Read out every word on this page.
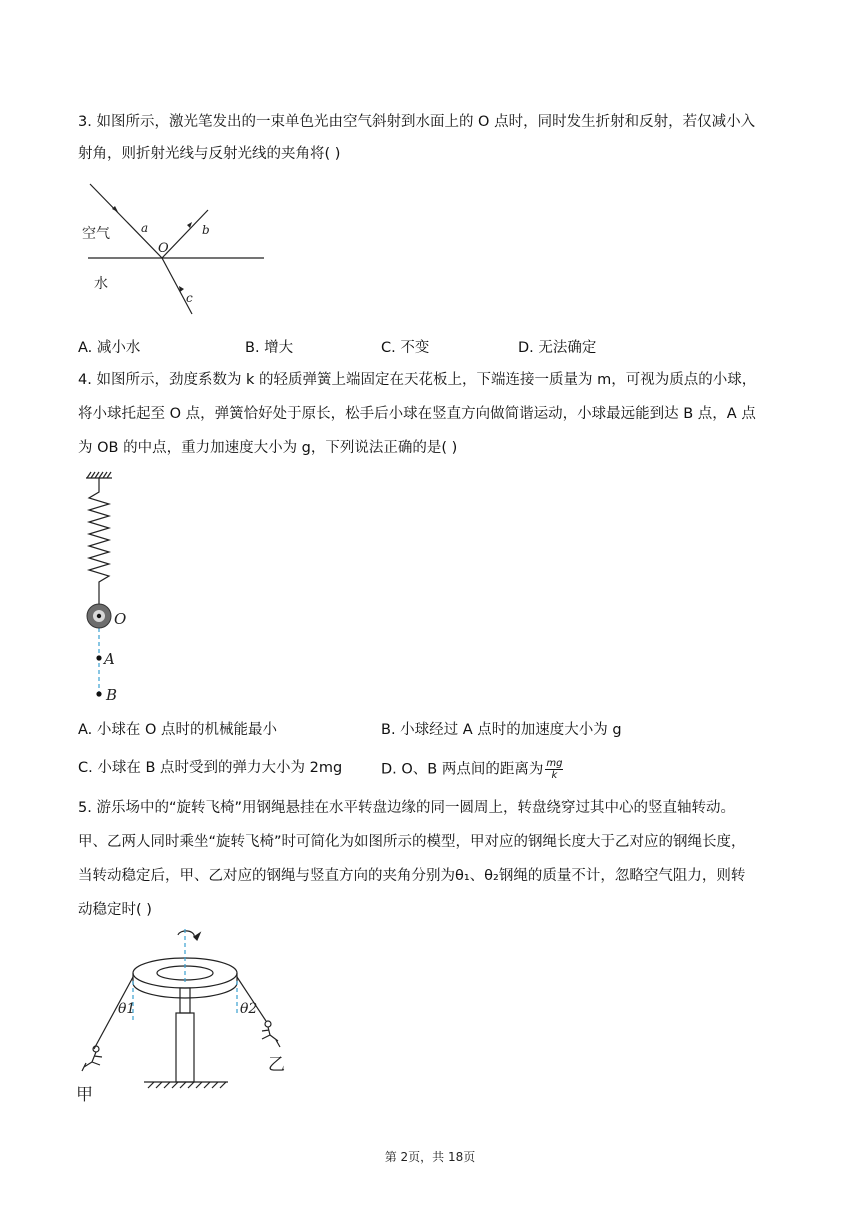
3. 如图所示，激光笔发出的一束单色光由空气斜射到水面上的 O 点时，同时发生折射和反射，若仅减小入
射角，则折射光线与反射光线的夹角将( )
空气
水
a	b
c
O
A. 减小水	B. 增大	C. 不变	D. 无法确定
4. 如图所示，劲度系数为 k 的轻质弹簧上端固定在天花板上，下端连接一质量为 m，可视为质点的小球，
将小球托起至 O 点，弹簧恰好处于原长，松手后小球在竖直方向做简谐运动，小球最远能到达 B 点，A 点
为 OB 的中点，重力加速度大小为 g，下列说法正确的是( )
O
A
B
A. 小球在 O 点时的机械能最小	B. 小球经过 A 点时的加速度大小为 g
C. 小球在 B 点时受到的弹力大小为 2mg	D. O、B 两点间的距离为 $\frac{mg}{k}$
5. 游乐场中的“旋转飞椅”用钢绳悬挂在水平转盘边缘的同一圆周上，转盘绕穿过其中心的竖直轴转动。
甲、乙两人同时乘坐“旋转飞椅”时可简化为如图所示的模型，甲对应的钢绳长度大于乙对应的钢绳长度，
当转动稳定后，甲、乙对应的钢绳与竖直方向的夹角分别为θ₁、θ₂钢绳的质量不计，忽略空气阻力，则转
动稳定时( )
θ1	θ2
甲
乙
第 2页，共 18页
